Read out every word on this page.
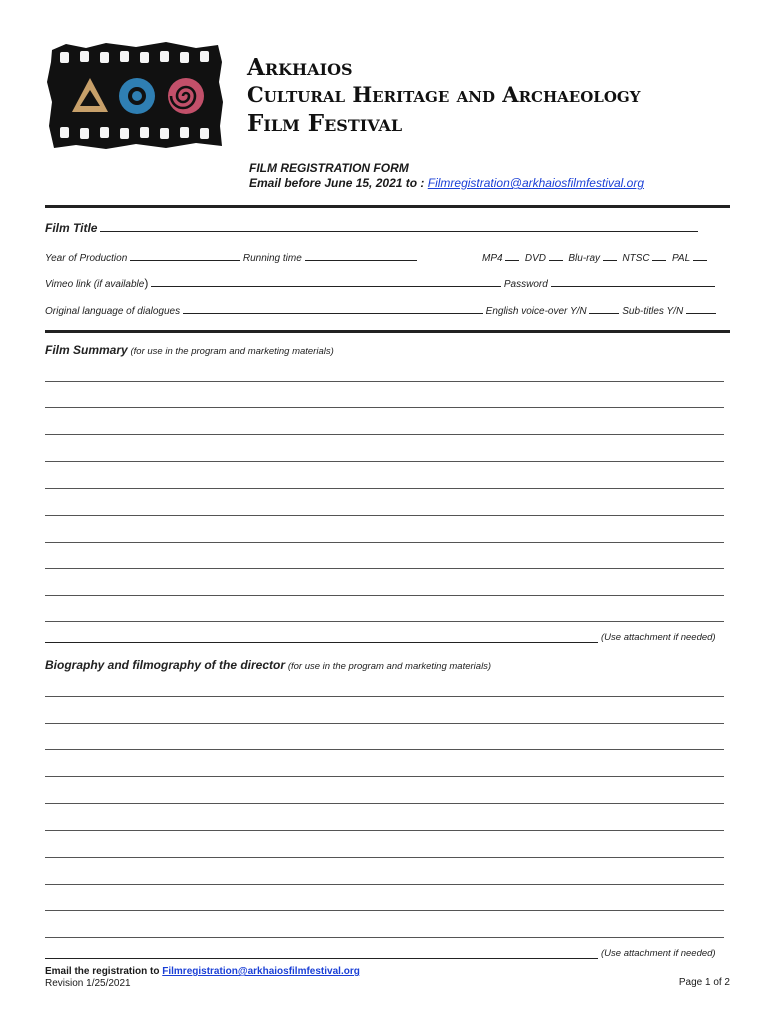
Arkhaios
Cultural Heritage and Archaeology
Film Festival
FILM REGISTRATION FORM
Email before June 15, 2021 to : Filmregistration@arkhaiosfilmfestival.org
Film Title
Year of Production	Running time	MP4 DVD Blu-ray NTSC PAL
Vimeo link (if available)	Password
Original language of dialogues	English voice-over Y/N	Sub-titles Y/N
Film Summary (for use in the program and marketing materials)
(Use attachment if needed)
Biography and filmography of the director (for use in the program and marketing materials)
(Use attachment if needed)
Email the registration to Filmregistration@arkhaiosfilmfestival.org
Revision 1/25/2021	Page 1 of 2
